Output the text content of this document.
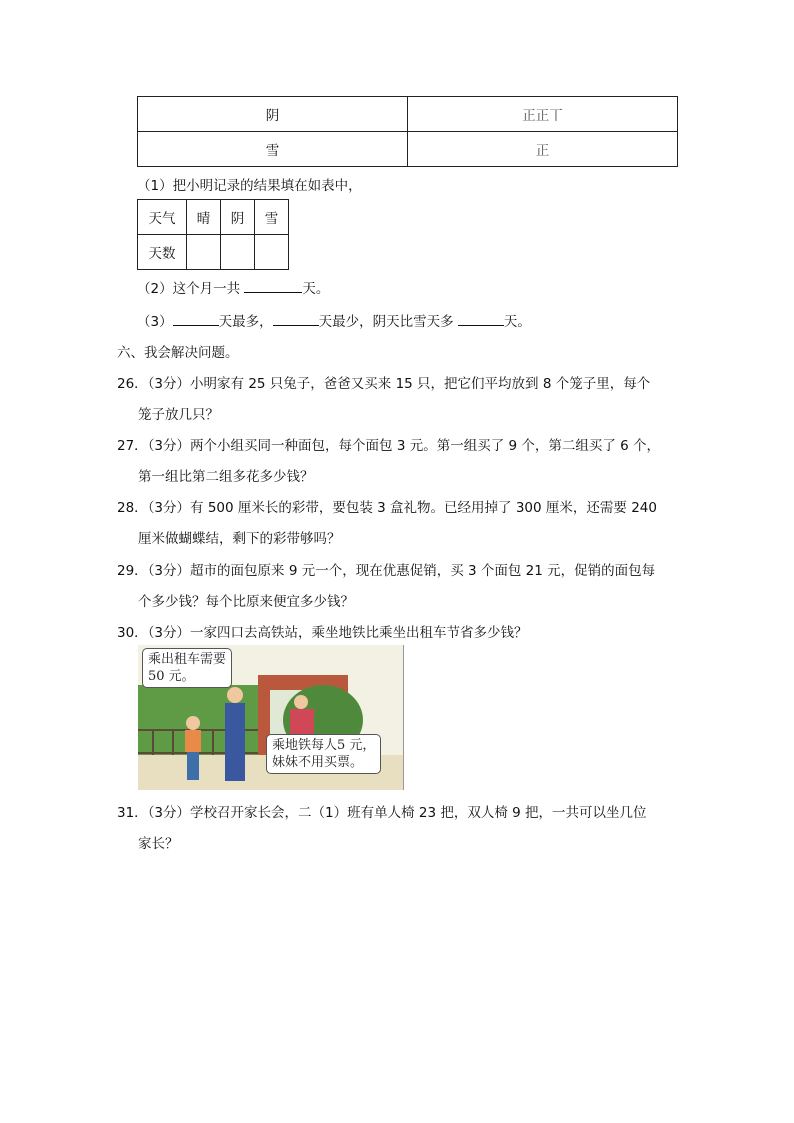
阴	正正丅
雪	正
（1）把小明记录的结果填在如表中，
天气	晴	阴	雪
天数			
（2）这个月一共	天。
（3）	天最多，	天最少，阴天比雪天多	天。
六、我会解决问题。
26．（3分）小明家有 25 只兔子，爸爸又买来 15 只，把它们平均放到 8 个笼子里，每个
笼子放几只？
27．（3分）两个小组买同一种面包，每个面包 3 元。第一组买了 9 个，第二组买了 6 个，
第一组比第二组多花多少钱？
28．（3分）有 500 厘米长的彩带，要包装 3 盒礼物。已经用掉了 300 厘米，还需要 240
厘米做蝴蝶结，剩下的彩带够吗？
29．（3分）超市的面包原来 9 元一个，现在优惠促销，买 3 个面包 21 元，促销的面包每
个多少钱？每个比原来便宜多少钱？
30．（3分）一家四口去高铁站，乘坐地铁比乘坐出租车节省多少钱？
乘出租车需要
50 元。
乘地铁每人5 元，
妹妹不用买票。
31．（3分）学校召开家长会，二（1）班有单人椅 23 把，双人椅 9 把，一共可以坐几位
家长？
